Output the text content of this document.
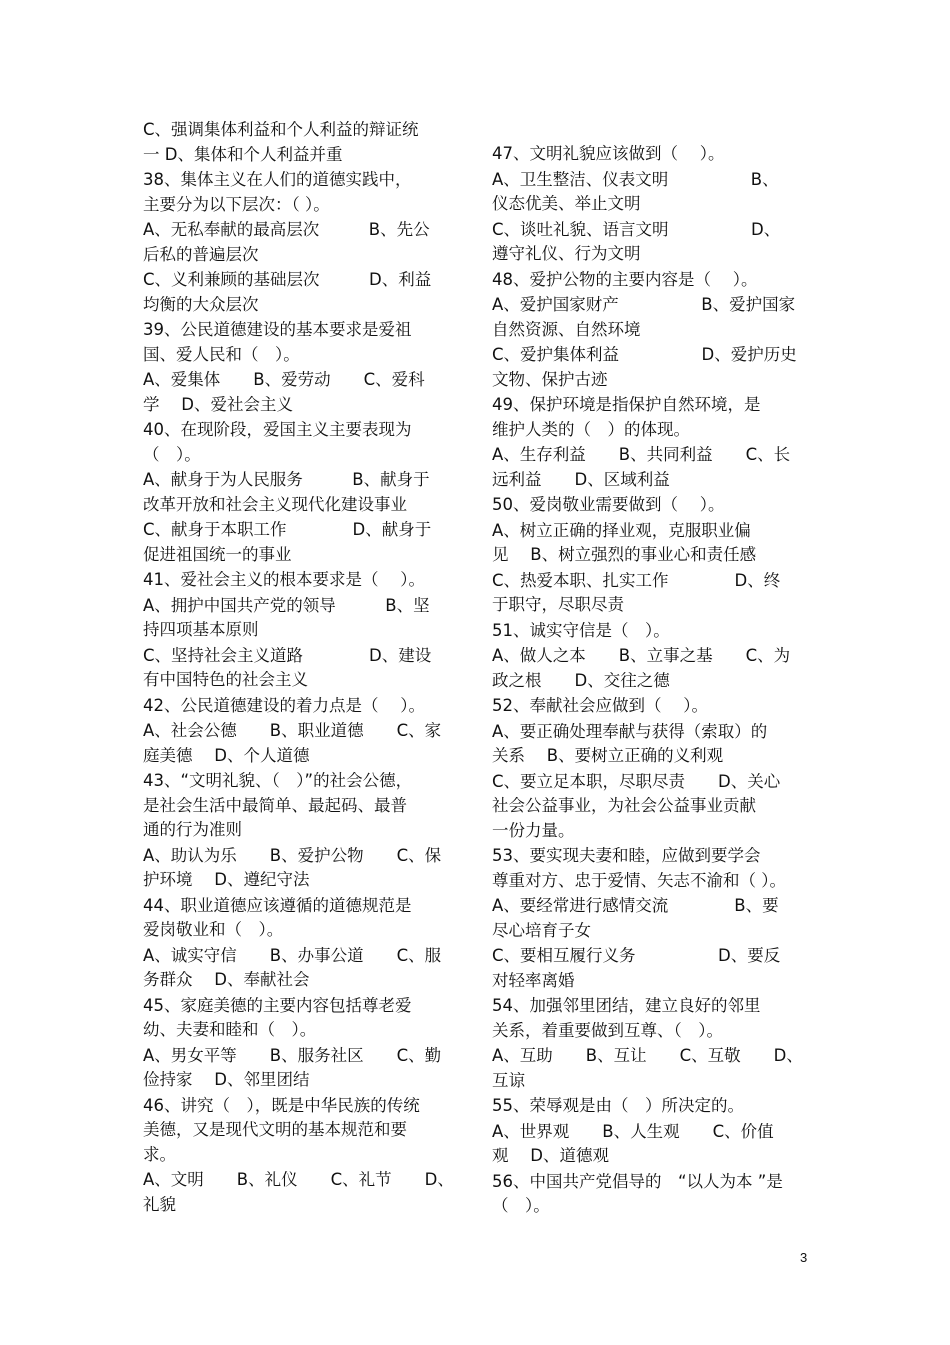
C、强调集体利益和个人利益的辩证统
一 D、集体和个人利益并重
38、集体主义在人们的道德实践中，
主要分为以下层次：（ ）。
A、无私奉献的最高层次　　　B、先公
后私的普遍层次
C、义利兼顾的基础层次　　　D、利益
均衡的大众层次
39、公民道德建设的基本要求是爱祖
国、爱人民和（　）。
A、爱集体　　B、爱劳动　　C、爱科
学　 D、爱社会主义
40、在现阶段，爱国主义主要表现为
（　）。
A、献身于为人民服务　　　B、献身于
改革开放和社会主义现代化建设事业
C、献身于本职工作　　　　D、献身于
促进祖国统一的事业
41、爱社会主义的根本要求是（　 ）。
A、拥护中国共产党的领导　　　B、坚
持四项基本原则
C、坚持社会主义道路　　　　D、建设
有中国特色的社会主义
42、公民道德建设的着力点是（　 ）。
A、社会公德　　B、职业道德　　C、家
庭美德　 D、个人道德
43、“文明礼貌、（　）”的社会公德，
是社会生活中最简单、最起码、最普
通的行为准则
A、助认为乐　　B、爱护公物　　C、保
护环境　 D、遵纪守法
44、职业道德应该遵循的道德规范是
爱岗敬业和（　）。
A、诚实守信　　B、办事公道　　C、服
务群众　 D、奉献社会
45、家庭美德的主要内容包括尊老爱
幼、夫妻和睦和（　）。
A、男女平等　　B、服务社区　　C、勤
俭持家　 D、邻里团结
46、讲究（　），既是中华民族的传统
美德，又是现代文明的基本规范和要
求。
A、文明　　B、礼仪　　C、礼节　　D、
礼貌
47、文明礼貌应该做到（　 ）。
A、卫生整洁、仪表文明　　　　　B、
仪态优美、举止文明
C、谈吐礼貌、语言文明　　　　　D、
遵守礼仪、行为文明
48、爱护公物的主要内容是（　 ）。
A、爱护国家财产　　　　　B、爱护国家
自然资源、自然环境
C、爱护集体利益　　　　　D、爱护历史
文物、保护古迹
49、保护环境是指保护自然环境，是
维护人类的（　）的体现。
A、生存利益　　B、共同利益　　C、长
远利益　　D、区域利益
50、爱岗敬业需要做到（　 ）。
A、树立正确的择业观，克服职业偏
见　 B、树立强烈的事业心和责任感
C、热爱本职、扎实工作　　　　D、终
于职守，尽职尽责
51、诚实守信是（　）。
A、做人之本　　B、立事之基　　C、为
政之根　　D、交往之德
52、奉献社会应做到（　 ）。
A、要正确处理奉献与获得（索取）的
关系　 B、要树立正确的义利观
C、要立足本职，尽职尽责　　D、关心
社会公益事业，为社会公益事业贡献
一份力量。
53、要实现夫妻和睦，应做到要学会
尊重对方、忠于爱情、矢志不渝和（ ）。
A、要经常进行感情交流　　　　B、要
尽心培育子女
C、要相互履行义务　　　　　D、要反
对轻率离婚
54、加强邻里团结，建立良好的邻里
关系，着重要做到互尊、（　）。
A、互助　　B、互让　　C、互敬　　D、
互谅
55、荣辱观是由（　）所决定的。
A、世界观　　B、人生观　　C、价值
观　 D、道德观
56、中国共产党倡导的　“以人为本 ”是
（　）。
3
